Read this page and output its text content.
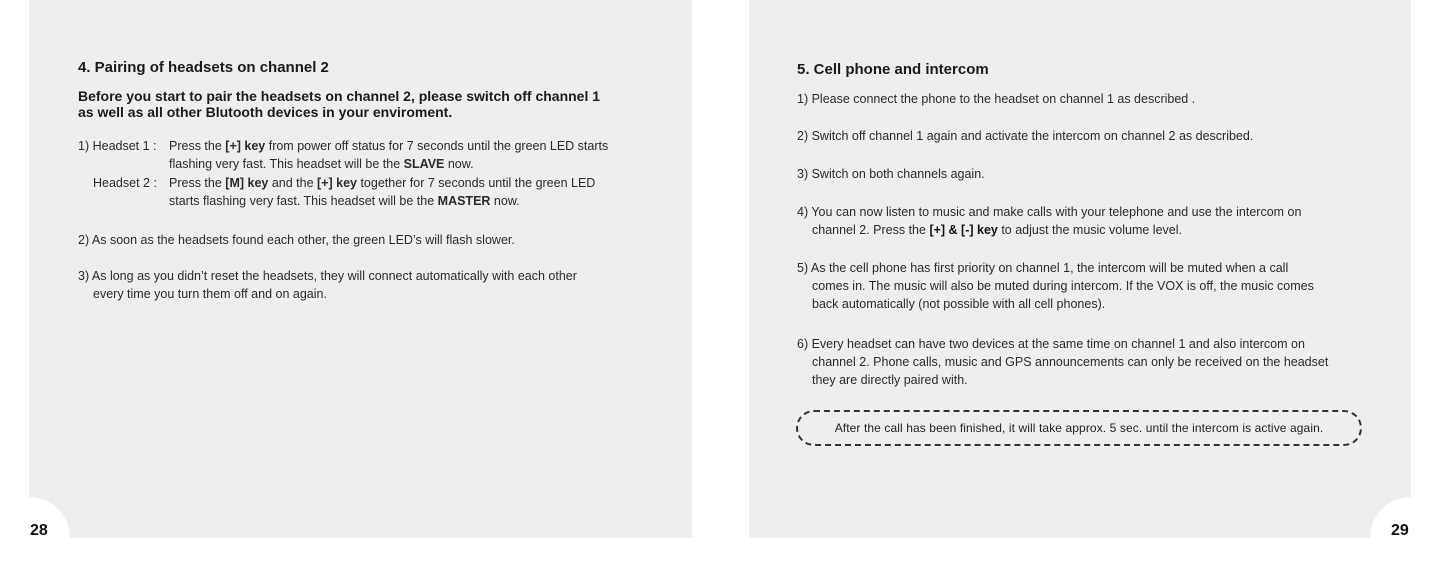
28
4. Pairing of headsets on channel 2
Before you start to pair the headsets on channel 2, please switch off channel 1
as well as all other Blutooth devices in your enviroment.
1) Headset 1 : Press the [+] key from power off status for 7 seconds until the green LED starts
flashing very fast. This headset will be the SLAVE now.
Headset 2 : Press the [M] key and the [+] key together for 7 seconds until the green LED
starts flashing very fast. This headset will be the MASTER now.

2) As soon as the headsets found each other, the green LED’s will flash slower.

3) As long as you didn’t reset the headsets, they will connect automatically with each other
every time you turn them off and on again.

29
5. Cell phone and intercom

1) Please connect the phone to the headset on channel 1 as described .

2) Switch off channel 1 again and activate the intercom on channel 2 as described.

3) Switch on both channels again.

4) You can now listen to music and make calls with your telephone and use the intercom on
channel 2. Press the [+] & [-] key to adjust the music volume level.

5) As the cell phone has first priority on channel 1, the intercom will be muted when a call
comes in. The music will also be muted during intercom. If the VOX is off, the music comes
back automatically (not possible with all cell phones).

6) Every headset can have two devices at the same time on channel 1 and also intercom on
channel 2. Phone calls, music and GPS announcements can only be received on the headset
they are directly paired with.

After the call has been finished, it will take approx. 5 sec. until the intercom is active again.
